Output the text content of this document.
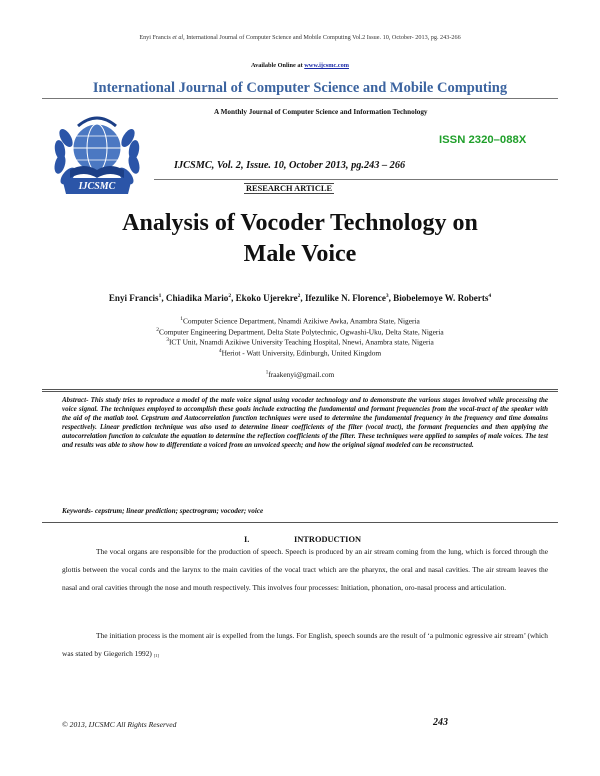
Enyi Francis et al, International Journal of Computer Science and Mobile Computing Vol.2 Issue. 10, October- 2013, pg. 243-266
Available Online at www.ijcsmc.com
International Journal of Computer Science and Mobile Computing
IJCSMC
A Monthly Journal of Computer Science and Information Technology
ISSN 2320–088X
IJCSMC, Vol. 2, Issue. 10, October 2013, pg.243 – 266
RESEARCH ARTICLE
Analysis of Vocoder Technology on
Male Voice
Enyi Francis$^1$, Chiadika Mario$^2$, Ekoko Ujerekre$^2$, Ifezulike N. Florence$^3$, Biobelemoye W. Roberts$^4$
$^1$Computer Science Department, Nnamdi Azikiwe Awka, Anambra State, Nigeria
$^2$Computer Engineering Department, Delta State Polytechnic, Ogwashi-Uku, Delta State, Nigeria
$^3$ICT Unit, Nnamdi Azikiwe University Teaching Hospital, Nnewi, Anambra state, Nigeria
$^4$Heriot - Watt University, Edinburgh, United Kingdom
$^1$fraakenyi@gmail.com
Abstract- This study tries to reproduce a model of the male voice signal using vocoder technology and to demonstrate the various stages involved while processing the voice signal. The techniques employed to accomplish these goals include extracting the fundamental and formant frequencies from the vocal-tract of the speaker with the aid of the matlab tool. Cepstrum and Autocorrelation function techniques were used to determine the fundamental frequency in the frequency and time domains respectively. Linear prediction technique was also used to determine linear coefficients of the filter (vocal tract), the formant frequencies and then applying the autocorrelation function to calculate the equation to determine the reflection coefficients of the filter. These techniques were applied to samples of male voices. The test and results was able to show how to differentiate a voiced from an unvoiced speech; and how the original signal modeled can be reconstructed.
Keywords- cepstrum; linear prediction; spectrogram; vocoder; voice
I.	INTRODUCTION
The vocal organs are responsible for the production of speech. Speech is produced by an air stream coming from the lung, which is forced through the glottis between the vocal cords and the larynx to the main cavities of the vocal tract which are the pharynx, the oral and nasal cavities. The air stream leaves the nasal and oral cavities through the nose and mouth respectively. This involves four processes: Initiation, phonation, oro-nasal process and articulation.
The initiation process is the moment air is expelled from the lungs. For English, speech sounds are the result of ‘a pulmonic egressive air stream’ (which was stated by Giegerich 1992) [1]
© 2013, IJCSMC All Rights Reserved	243
